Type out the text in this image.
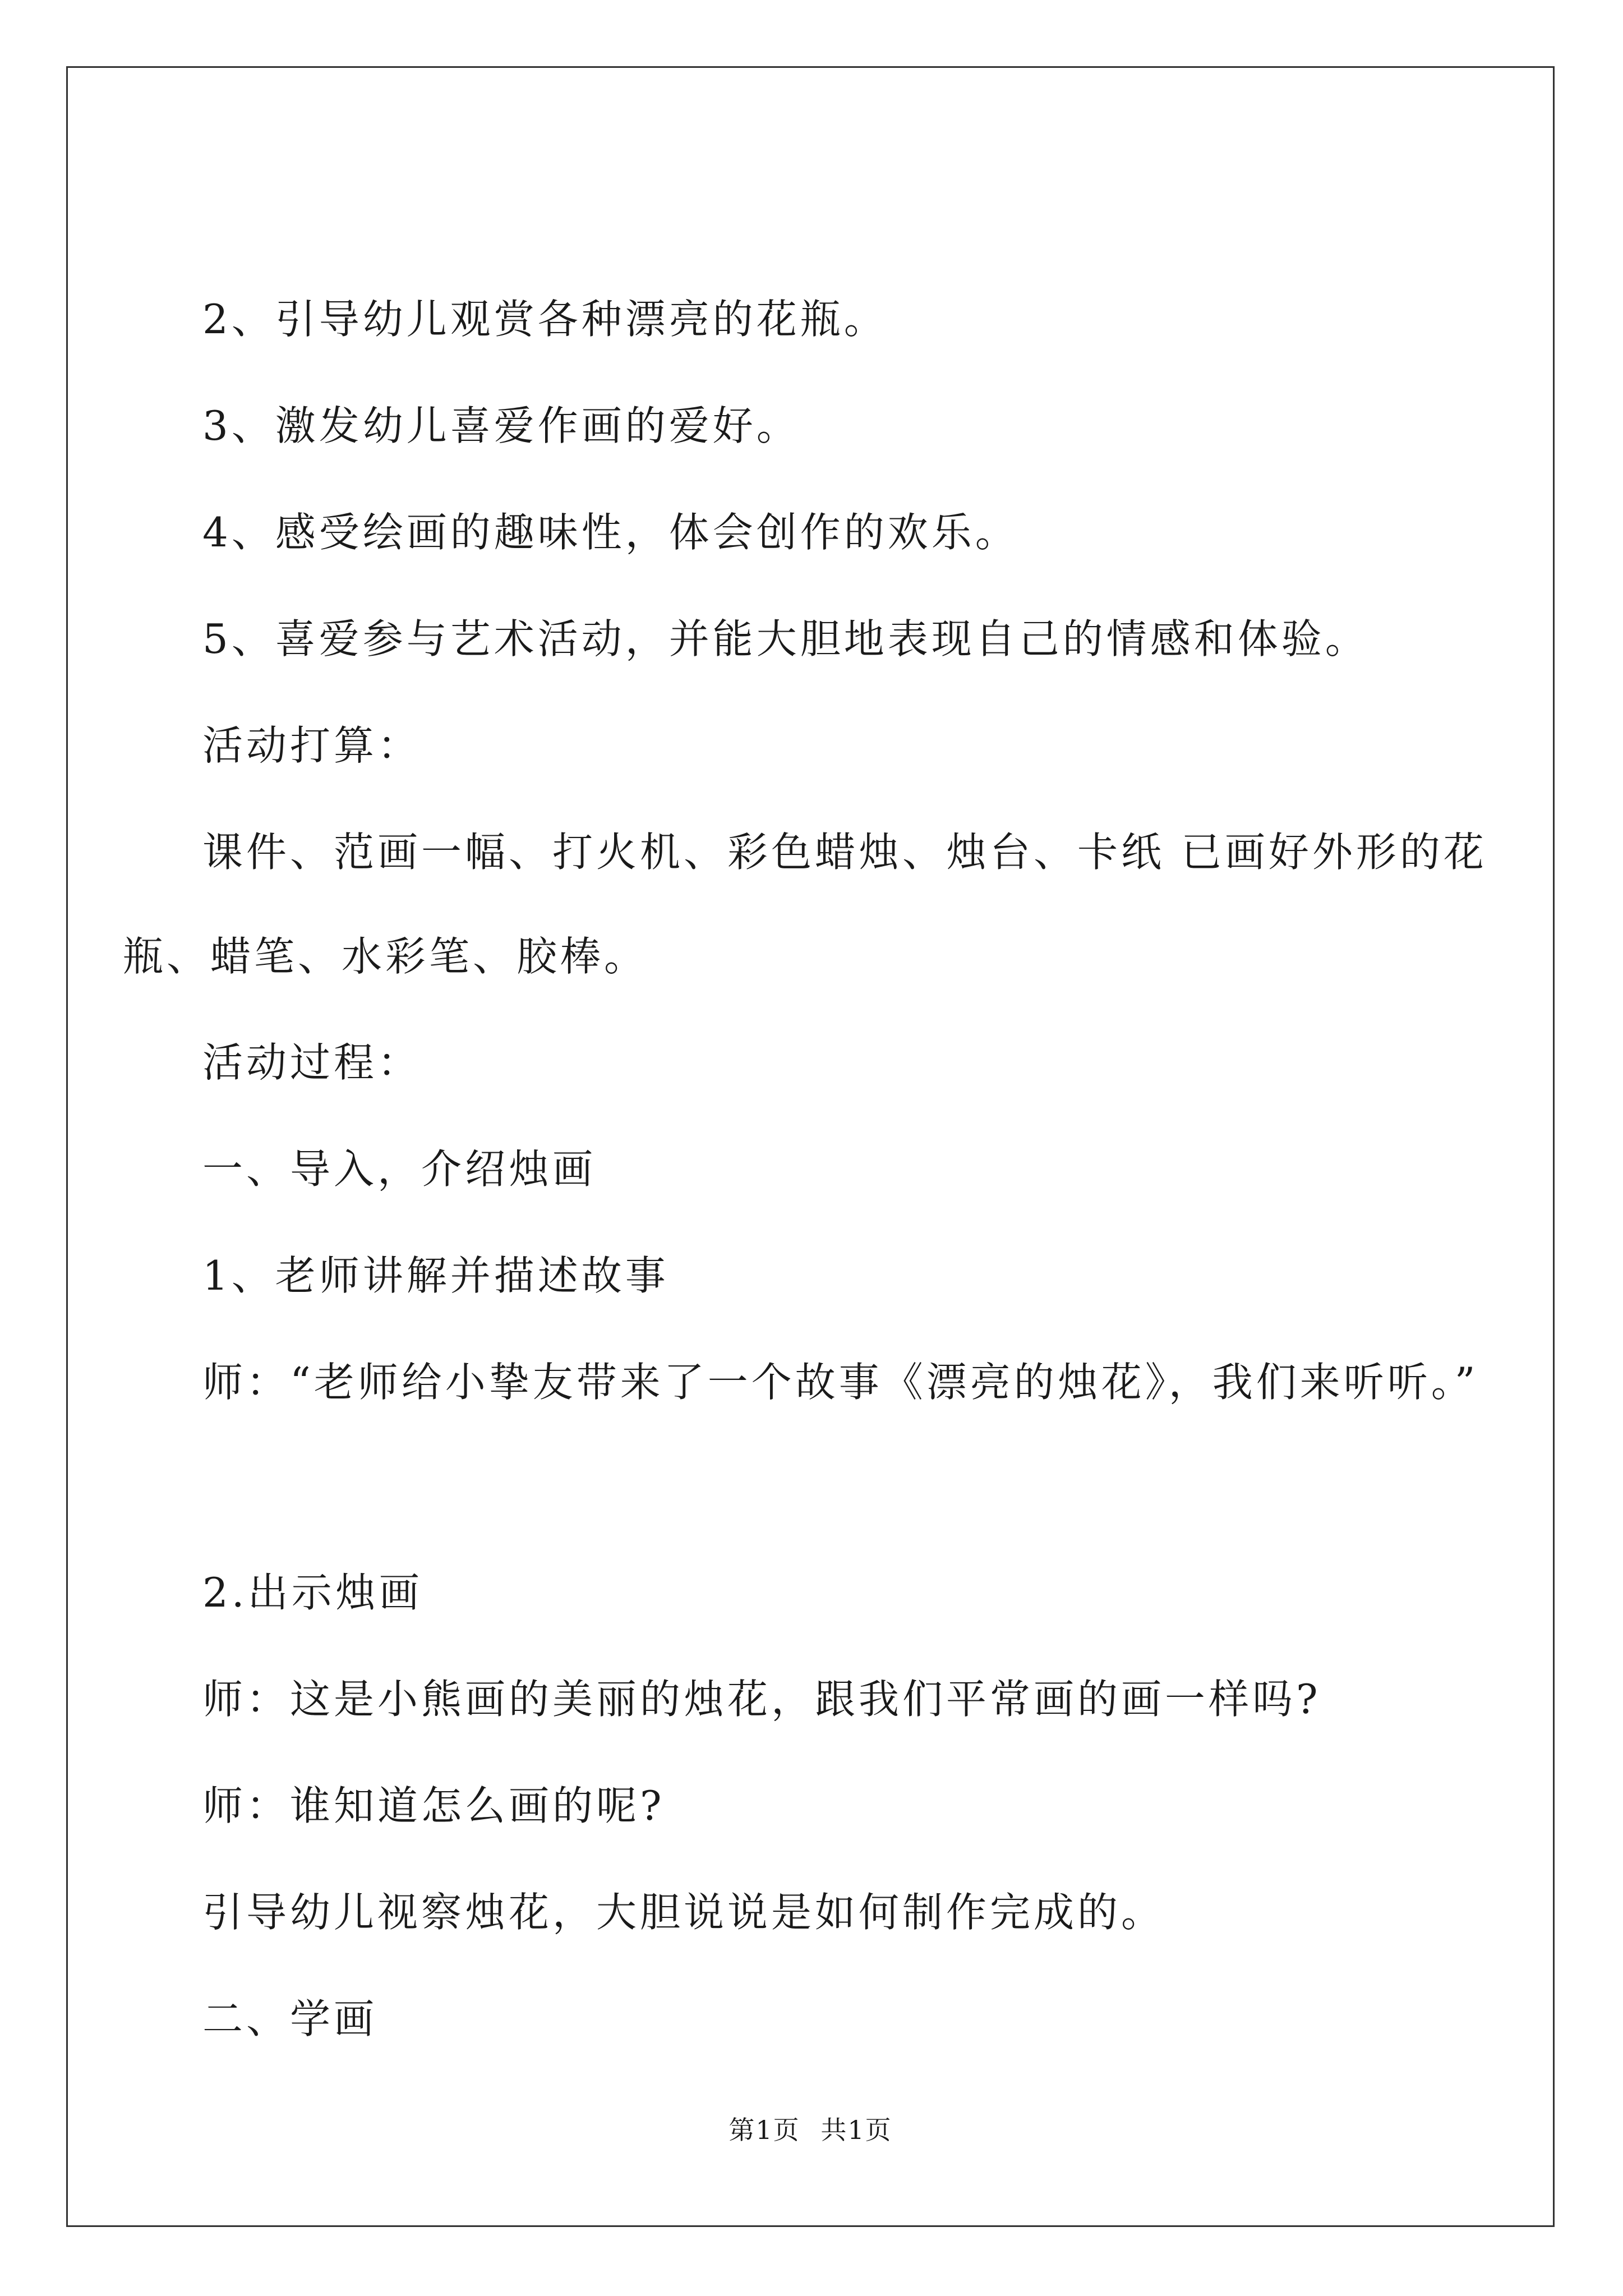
2、引导幼儿观赏各种漂亮的花瓶。

3、激发幼儿喜爱作画的爱好。

4、感受绘画的趣味性，体会创作的欢乐。

5、喜爱参与艺术活动，并能大胆地表现自己的情感和体验。

活动打算：

课件、范画一幅、打火机、彩色蜡烛、烛台、卡纸 已画好外形的花瓶、蜡笔、水彩笔、胶棒。

活动过程：

一、导入，介绍烛画

1、老师讲解并描述故事

师：“老师给小挚友带来了一个故事《漂亮的烛花》，我们来听听。”

2.出示烛画

师：这是小熊画的美丽的烛花，跟我们平常画的画一样吗?

师：谁知道怎么画的呢?

引导幼儿视察烛花，大胆说说是如何制作完成的。

二、学画

第1页 共1页
